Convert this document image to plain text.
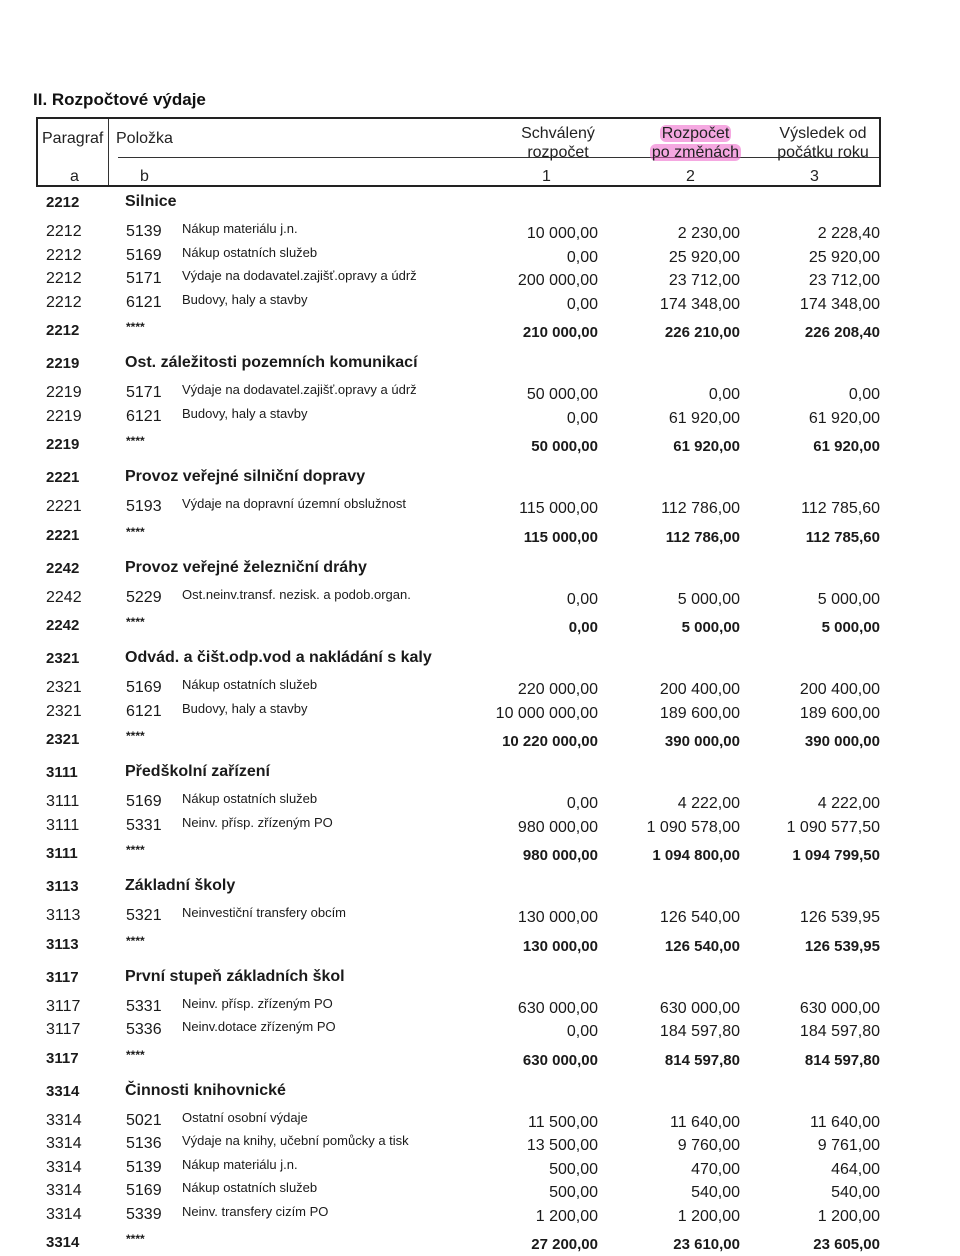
II. Rozpočtové výdaje
Paragraf Položka	Schválený
rozpočet
Rozpočet
po změnách
Výsledek od
počátku roku
a	b	1	2	3
2212	Silnice
2212	5139 Nákup materiálu j.n.	10 000,00	2 230,00	2 228,40
2212	5169 Nákup ostatních služeb	0,00	25 920,00	25 920,00
2212	5171 Výdaje na dodavatel.zajišť.opravy a údrž	200 000,00	23 712,00	23 712,00
2212	6121 Budovy, haly a stavby	0,00	174 348,00	174 348,00
2212	****	210 000,00	226 210,00	226 208,40
2219	Ost. záležitosti pozemních komunikací
2219	5171 Výdaje na dodavatel.zajišť.opravy a údrž	50 000,00	0,00	0,00
2219	6121 Budovy, haly a stavby	0,00	61 920,00	61 920,00
2219	****	50 000,00	61 920,00	61 920,00
2221	Provoz veřejné silniční dopravy
2221	5193 Výdaje na dopravní územní obslužnost	115 000,00	112 786,00	112 785,60
2221	****	115 000,00	112 786,00	112 785,60
2242	Provoz veřejné železniční dráhy
2242	5229 Ost.neinv.transf. nezisk. a podob.organ.	0,00	5 000,00	5 000,00
2242	****	0,00	5 000,00	5 000,00
2321	Odvád. a čišt.odp.vod a nakládání s kaly
2321	5169 Nákup ostatních služeb	220 000,00	200 400,00	200 400,00
2321	6121 Budovy, haly a stavby	10 000 000,00	189 600,00	189 600,00
2321	****	10 220 000,00	390 000,00	390 000,00
3111	Předškolní zařízení
3111	5169 Nákup ostatních služeb	0,00	4 222,00	4 222,00
3111	5331 Neinv. přísp. zřízeným PO	980 000,00	1 090 578,00	1 090 577,50
3111	****	980 000,00	1 094 800,00	1 094 799,50
3113	Základní školy
3113	5321 Neinvestiční transfery obcím	130 000,00	126 540,00	126 539,95
3113	****	130 000,00	126 540,00	126 539,95
3117	První stupeň základních škol
3117	5331 Neinv. přísp. zřízeným PO	630 000,00	630 000,00	630 000,00
3117	5336 Neinv.dotace zřízeným PO	0,00	184 597,80	184 597,80
3117	****	630 000,00	814 597,80	814 597,80
3314	Činnosti knihovnické
3314	5021 Ostatní osobní výdaje	11 500,00	11 640,00	11 640,00
3314	5136 Výdaje na knihy, učební pomůcky a tisk	13 500,00	9 760,00	9 761,00
3314	5139 Nákup materiálu j.n.	500,00	470,00	464,00
3314	5169 Nákup ostatních služeb	500,00	540,00	540,00
3314	5339 Neinv. transfery cizím PO	1 200,00	1 200,00	1 200,00
3314	****	27 200,00	23 610,00	23 605,00
